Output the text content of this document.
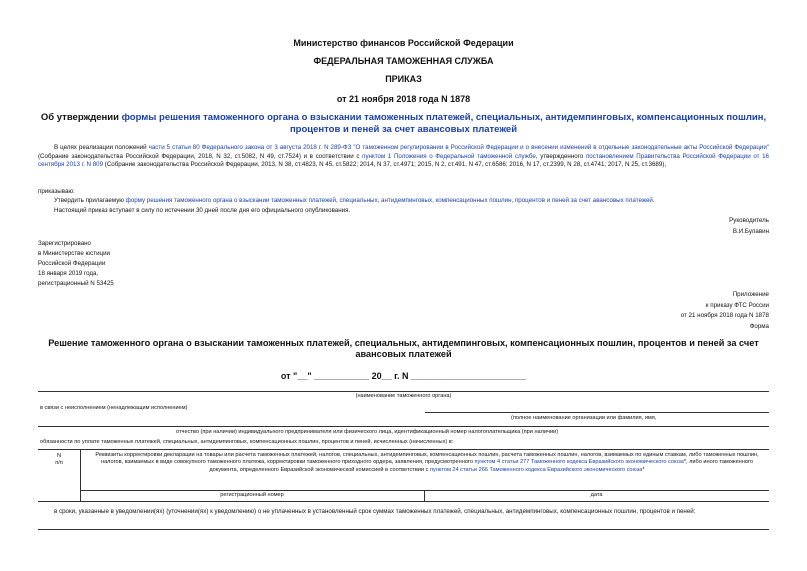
Министерство финансов Российской Федерации
ФЕДЕРАЛЬНАЯ ТАМОЖЕННАЯ СЛУЖБА
ПРИКАЗ
от 21 ноября 2018 года N 1878
Об утверждении формы решения таможенного органа о взыскании таможенных платежей, специальных, антидемпинговых, компенсационных пошлин, процентов и пеней за счет авансовых платежей
В целях реализации положений части 5 статьи 80 Федерального закона от 3 августа 2018 г. N 289-ФЗ "О таможенном регулировании в Российской Федерации и о внесении изменений в отдельные законодательные акты Российской Федерации" (Собрание законодательства Российской Федерации, 2018, N 32, ст.5082, N 49, ст.7524) и в соответствии с пунктом 1 Положения о Федеральной таможенной службе, утвержденного постановлением Правительства Российской Федерации от 16 сентября 2013 г. N 809 (Собрание законодательства Российской Федерации, 2013, N 38, ст.4823, N 45, ст.5822; 2014, N 37, ст.4971; 2015, N 2, ст.491, N 47, ст.6586; 2016, N 17, ст.2399, N 28, ст.4741; 2017, N 25, ст.3689),
приказываю:
Утвердить прилагаемую форму решения таможенного органа о взыскании таможенных платежей, специальных, антидемпинговых, компенсационных пошлин, процентов и пеней за счет авансовых платежей.
Настоящий приказ вступает в силу по истечении 30 дней после дня его официального опубликования.
Руководитель
В.И.Булавин
Зарегистрировано
в Министерстве юстиции
Российской Федерации
18 января 2019 года,
регистрационный N 53425
Приложение
к приказу ФТС России
от 21 ноября 2018 года N 1878
Форма
Решение таможенного органа о взыскании таможенных платежей, специальных, антидемпинговых, компенсационных пошлин, процентов и пеней за счет авансовых платежей
от "__" ___________ 20__ г. N _______________________
(наименование таможенного органа)
в связи с неисполнением (ненадлежащим исполнением)
(полное наименование организации или фамилия, имя,
отчество (при наличии) индивидуального предпринимателя или физического лица, идентификационный номер налогоплательщика (при наличии)
обязанности по уплате таможенных платежей, специальных, антидемпинговых, компенсационных пошлин, процентов и пеней, исчисленных (начисленных) в:
N
п/п
Реквизиты корректировки декларации на товары или расчета таможенных платежей, налогов, специальных, антидемпинговых, компенсационных пошлин, расчета таможенных пошлин, налогов, взимаемых по единым ставкам, либо таможенных пошлин, налогов, взимаемых в виде совокупного таможенного платежа, корректировки таможенного приходного ордера, заявления, предусмотренного пунктом 4 статьи 277 Таможенного кодекса Евразийского экономического союза*, либо иного таможенного документа, определенного Евразийской экономической комиссией в соответствии с пунктом 24 статьи 266 Таможенного кодекса Евразийского экономического союза*
регистрационный номер	дата
в сроки, указанные в уведомлении(ях) (уточнении(ях) к уведомлению) о не уплаченных в установленный срок суммах таможенных платежей, специальных, антидемпинговых, компенсационных пошлин, процентов и пеней:
